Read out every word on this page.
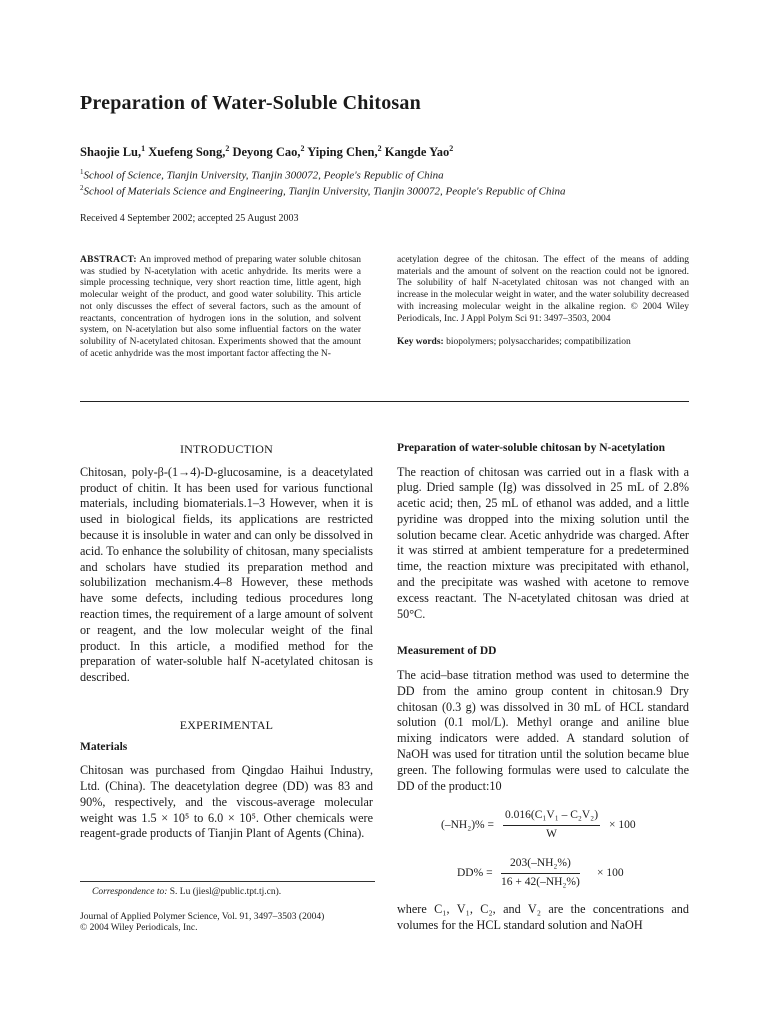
Preparation of Water-Soluble Chitosan
Shaojie Lu,$^1$ Xuefeng Song,$^2$ Deyong Cao,$^2$ Yiping Chen,$^2$ Kangde Yao$^2$
$^1$School of Science, Tianjin University, Tianjin 300072, People's Republic of China
$^2$School of Materials Science and Engineering, Tianjin University, Tianjin 300072, People's Republic of China
Received 4 September 2002; accepted 25 August 2003
ABSTRACT: An improved method of preparing water soluble chitosan was studied by N-acetylation with acetic anhydride. Its merits were a simple processing technique, very short reaction time, little agent, high molecular weight of the product, and good water solubility. This article not only discusses the effect of several factors, such as the amount of reactants, concentration of hydrogen ions in the solution, and solvent system, on N-acetylation but also some influential factors on the water solubility of N-acetylated chitosan. Experiments showed that the amount of acetic anhydride was the most important factor affecting the N-
acetylation degree of the chitosan. The effect of the means of adding materials and the amount of solvent on the reaction could not be ignored. The solubility of half N-acetylated chitosan was not changed with an increase in the molecular weight in water, and the water solubility decreased with increasing molecular weight in the alkaline region. © 2004 Wiley Periodicals, Inc. J Appl Polym Sci 91: 3497–3503, 2004
Key words: biopolymers; polysaccharides; compatibilization
INTRODUCTION

Chitosan, poly-β-(1→4)-D-glucosamine, is a deacetylated product of chitin. It has been used for various functional materials, including biomaterials.1–3 However, when it is used in biological fields, its applications are restricted because it is insoluble in water and can only be dissolved in acid. To enhance the solubility of chitosan, many specialists and scholars have studied its preparation method and solubilization mechanism.4–8 However, these methods have some defects, including tedious procedures long reaction times, the requirement of a large amount of solvent or reagent, and the low molecular weight of the final product. In this article, a modified method for the preparation of water-soluble half N-acetylated chitosan is described.

EXPERIMENTAL
Materials

Chitosan was purchased from Qingdao Haihui Industry, Ltd. (China). The deacetylation degree (DD) was 83 and 90%, respectively, and the viscous-average molecular weight was 1.5 × 10⁵ to 6.0 × 10⁵. Other chemicals were reagent-grade products of Tianjin Plant of Agents (China).

Preparation of water-soluble chitosan by N-acetylation

The reaction of chitosan was carried out in a flask with a plug. Dried sample (Ig) was dissolved in 25 mL of 2.8% acetic acid; then, 25 mL of ethanol was added, and a little pyridine was dropped into the mixing solution until the solution became clear. Acetic anhydride was charged. After it was stirred at ambient temperature for a predetermined time, the reaction mixture was precipitated with ethanol, and the precipitate was washed with acetone to remove excess reactant. The N-acetylated chitosan was dried at 50°C.

Measurement of DD

The acid–base titration method was used to determine the DD from the amino group content in chitosan.9 Dry chitosan (0.3 g) was dissolved in 30 mL of HCL standard solution (0.1 mol/L). Methyl orange and aniline blue mixing indicators were added. A standard solution of NaOH was used for titration until the solution became blue green. The following formulas were used to calculate the DD of the product:10

$(-NH_2)\% = \frac{\text{0.016(C₁V₁ – C₂V₂)}}{W} \times 100$
$DD\% = \frac{\text{203(–NH₂\%)}}{\text{16 + 42(–NH₂\%)}} \times 100$

where C₁, V₁, C₂, and V₂ are the concentrations and volumes for the HCL standard solution and NaOH

Correspondence to: S. Lu (jiesl@public.tpt.tj.cn).
Journal of Applied Polymer Science, Vol. 91, 3497–3503 (2004)
© 2004 Wiley Periodicals, Inc.
